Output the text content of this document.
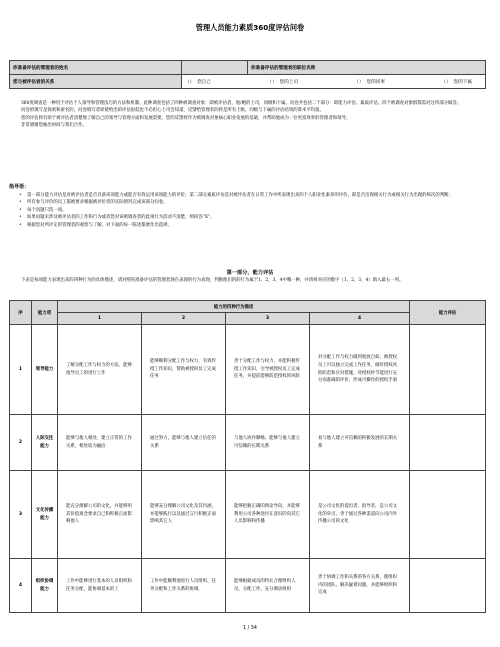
管理人员能力素质360度评估问卷
你准备评估的管理者的姓名		你准备评估的管理者的职位名称
您与被评估者的关系	（） 您自己 （） 您的上司 （） 您的同事 （） 您的下属	

360度调查是一种用于评估个人领导和管理技巧的方法和机制。此种调查包括了四种被调查对象：即被评估者，他/她的上司，同级和下属。问卷共包括二个部分：即能力评估、素质评估。四个被调查对象群都需对这四部分做答。

问卷的填写是保密和匿名的，问卷填写者即使给出的评估很低也不必担心上司会知道，反馈给管理者的将是所有上级、同级与下属的评估结果的算术平均值。

您的评估将有助于被评估者清楚地了解自己的领导与管理方面和发展需要。您的反馈将作为被调查对象核心职业发展的基础，并帮助他成为一位更富效率的管理者和领导。

非常感谢您抽出时间与我们合作。

指导语：
• 第一部分能力评估是对被评估者是否具备该项能力或能否有效运用该项能力的评价，第二部分素质评估是对被评估者在日常工作中所表现出来的个人职业化素养的评价，即是否出现相关行为或相关行为出现的频次的判断；
• 所有参与评价的员工都被要求根据被评价者的实际情况完成该部分问卷。
• 每个问题只选一项。
• 如果问题未涉及被评估者的工作和行为或者您对该被调查者的此项行为活动不清楚，则回答“X”。
• 根据您对所评定的管理者的观察与了解，对下面的每一陈述都要作出选择。
第一部分、能力评估

下表是每项能力表现出来的四种行为的具体描述，请对照你准备评估的管理者现在表现的行为表现，判断他们的的行为属于1，2，3，4中哪一种，并请将对应的数字（1，2，3，4）填入最右一列。

序	能力项	能力的四种行为描述				能力评估
		1	2	3	4	
1	领导能力	了解分配工作与权力的方法，能够指导员工的进行工作	能够顺利分配工作与权力，有效传授工作知识，帮助被授权员工完成任务	善于分配工作与权力，并能积极传授工作知识，引导被授权员工完成任务，并提前能够防范授权的风险	对分配工作与权力做到收放自如，被授权员工可以独立完成工作任务，做好授权风险防范和应对措施，对授权杯节能进行充分而准确的评价，形成可操作的授权手册	
2	人际交往能力	能够与他人相处，建立正常的工作关系，相处较为融洽	通过努力，能够与他人建立信任的关系	与他人协作顺畅，能够与他人建立可信赖的长期关系	易与他人建立可信赖的积极发展的长期关系	
3	文化传播能力	能充分理解公司的文化，并能够用其价值观念要求自己和积极正面影响他人	能够充分理解公司文化及其内涵，并能够践行以及通过言行积极正面影响其它人	能够把握正确的舆论导向，并能够利用公司各种途径在意识的向其它人员影响和传播	是公司文化的提出者、倡导者，是公司文化的牵引，善于通过各种渠道向公司内外传播公司的文化	
4	组织协调能力	工作中能够进行基本的人员组织和任务分配，能协调基本的工	工作中能顺利地进行人员组织、任务分配和工作关系的协调，	能够根据成员的特长合理组织人员，分配工作，充分调动组织	善于协调工作和关系的各方关系，使组织内的团队，解决疑难问题，并能够组织和完成	
1 / 34
